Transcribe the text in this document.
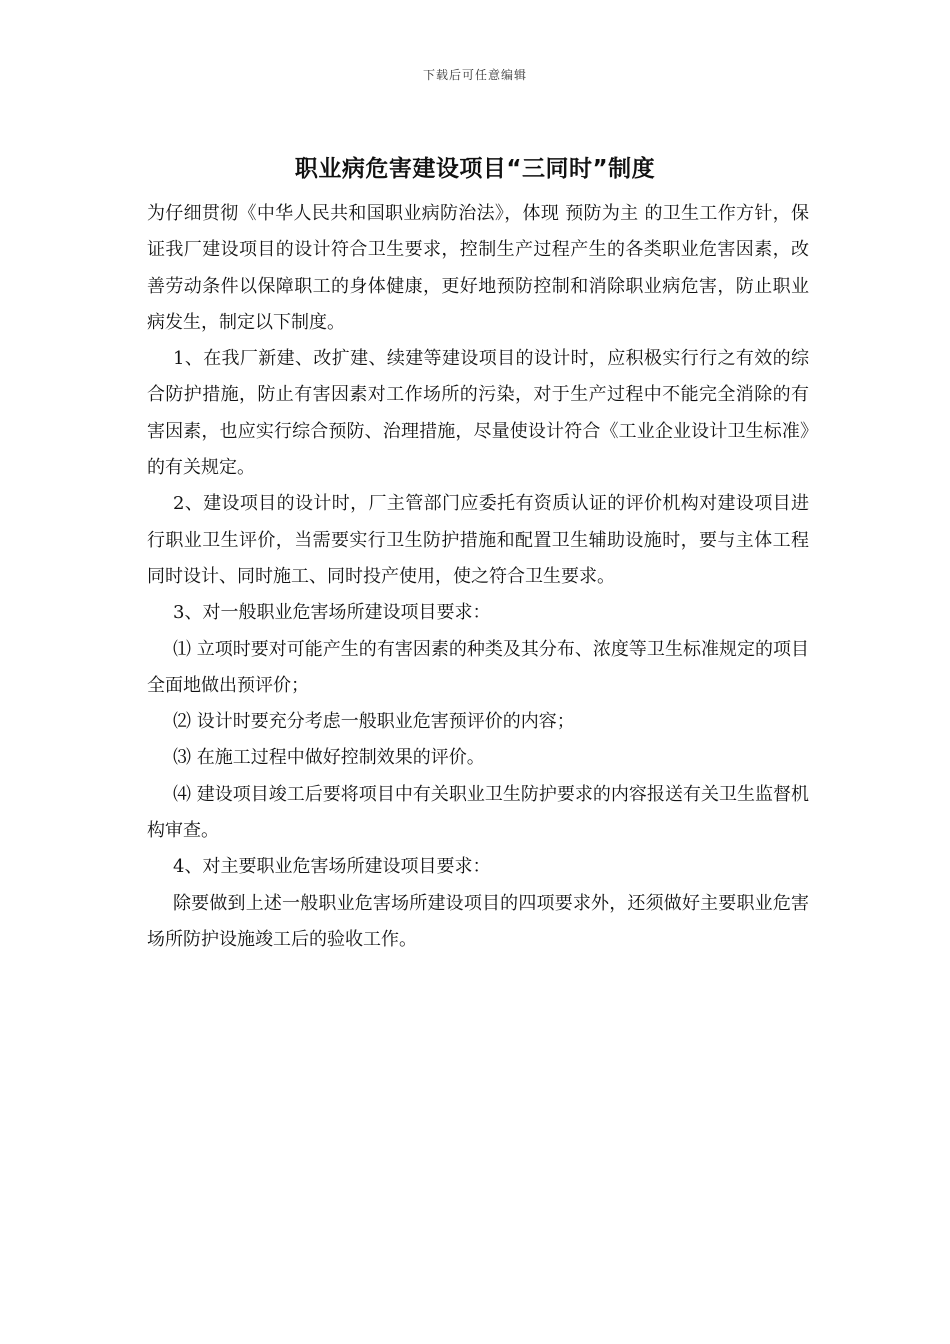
下载后可任意编辑
职业病危害建设项目“三同时”制度

为仔细贯彻《中华人民共和国职业病防治法》，体现 预防为主 的卫生工作方针，保证我厂建设项目的设计符合卫生要求，控制生产过程产生的各类职业危害因素，改善劳动条件以保障职工的身体健康，更好地预防控制和消除职业病危害，防止职业病发生，制定以下制度。

1、在我厂新建、改扩建、续建等建设项目的设计时，应积极实行行之有效的综合防护措施，防止有害因素对工作场所的污染，对于生产过程中不能完全消除的有害因素，也应实行综合预防、治理措施，尽量使设计符合《工业企业设计卫生标准》的有关规定。

2、建设项目的设计时，厂主管部门应委托有资质认证的评价机构对建设项目进行职业卫生评价，当需要实行卫生防护措施和配置卫生辅助设施时，要与主体工程同时设计、同时施工、同时投产使用，使之符合卫生要求。

3、对一般职业危害场所建设项目要求：

⑴ 立项时要对可能产生的有害因素的种类及其分布、浓度等卫生标准规定的项目全面地做出预评价；

⑵ 设计时要充分考虑一般职业危害预评价的内容；

⑶ 在施工过程中做好控制效果的评价。

⑷ 建设项目竣工后要将项目中有关职业卫生防护要求的内容报送有关卫生监督机构审查。

4、对主要职业危害场所建设项目要求：

除要做到上述一般职业危害场所建设项目的四项要求外，还须做好主要职业危害场所防护设施竣工后的验收工作。
